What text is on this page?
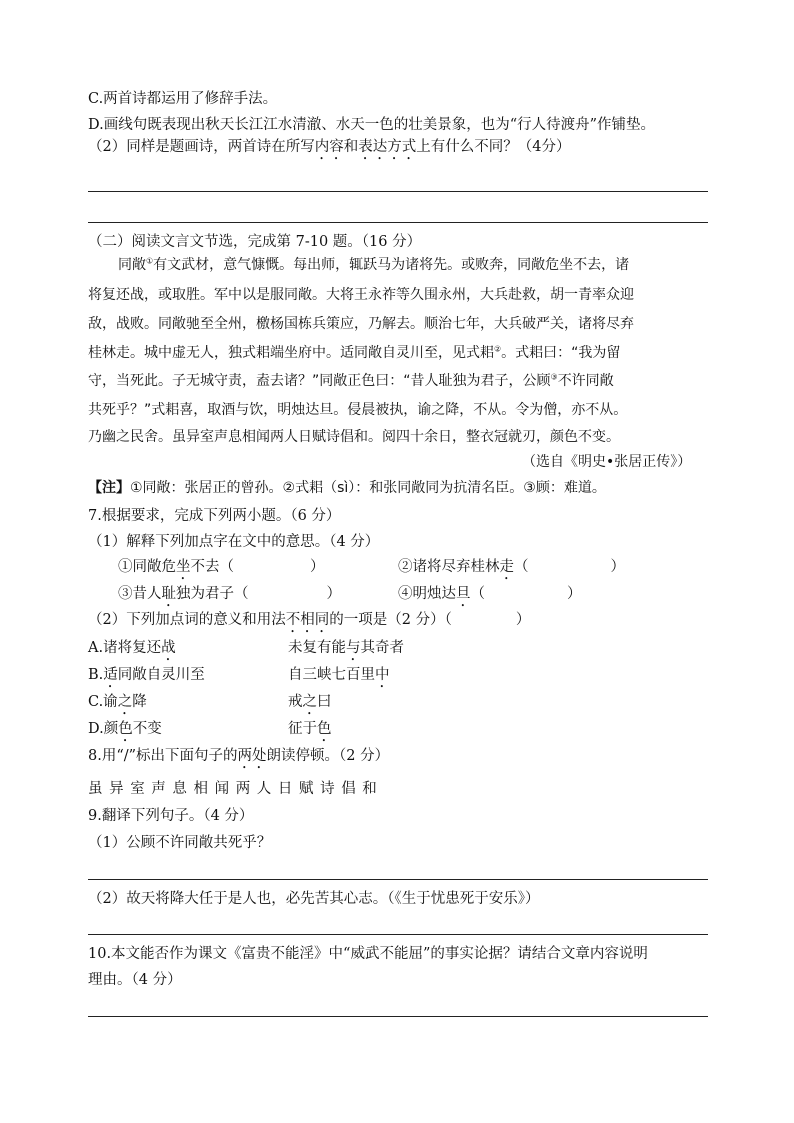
C.两首诗都运用了修辞手法。
D.画线句既表现出秋天长江江水清澈、水天一色的壮美景象，也为“行人待渡舟”作铺垫。
（2）同样是题画诗，两首诗在所写内容和表达方式上有什么不同？（4分）
（二）阅读文言文节选，完成第 7-10 题。（16 分）
同敞①有文武材，意气慷慨。每出师，辄跃马为诸将先。或败奔，同敞危坐不去，诸
将复还战，或取胜。军中以是服同敞。大将王永祚等久围永州，大兵赴救，胡一青率众迎
敌，战败。同敞驰至全州，檄杨国栋兵策应，乃解去。顺治七年，大兵破严关，诸将尽弃
桂林走。城中虚无人，独式耜端坐府中。适同敞自灵川至，见式耜②。式耜曰：“我为留
守，当死此。子无城守责，盍去诸？”同敞正色曰：“昔人耻独为君子，公顾③不许同敞
共死乎？”式耜喜，取酒与饮，明烛达旦。侵晨被执，谕之降，不从。令为僧，亦不从。
乃幽之民舍。虽异室声息相闻两人日赋诗倡和。阅四十余日，整衣冠就刃，颜色不变。
（选自《明史•张居正传》）
【注】①同敞：张居正的曾孙。②式耜（sì）：和张同敞同为抗清名臣。③顾：难道。
7.根据要求，完成下列两小题。（6 分）
（1）解释下列加点字在文中的意思。（4 分）
①同敞危坐不去（	）	②诸将尽弃桂林走（	）
③昔人耻独为君子（	）	④明烛达旦（	）
（2）下列加点词的意义和用法不相同的一项是（2 分）（	）
A.诸将复还战	未复有能与其奇者
B.适同敞自灵川至	自三峡七百里中
C.谕之降	戒之曰
D.颜色不变	征于色
8.用“/”标出下面句子的两处朗读停顿。（2 分）
虽异室声息相闻两人日赋诗倡和
9.翻译下列句子。（4 分）
（1）公顾不许同敞共死乎？
（2）故天将降大任于是人也，必先苦其心志。（《生于忧患死于安乐》）
10.本文能否作为课文《富贵不能淫》中“威武不能屈”的事实论据？请结合文章内容说明
理由。（4 分）
